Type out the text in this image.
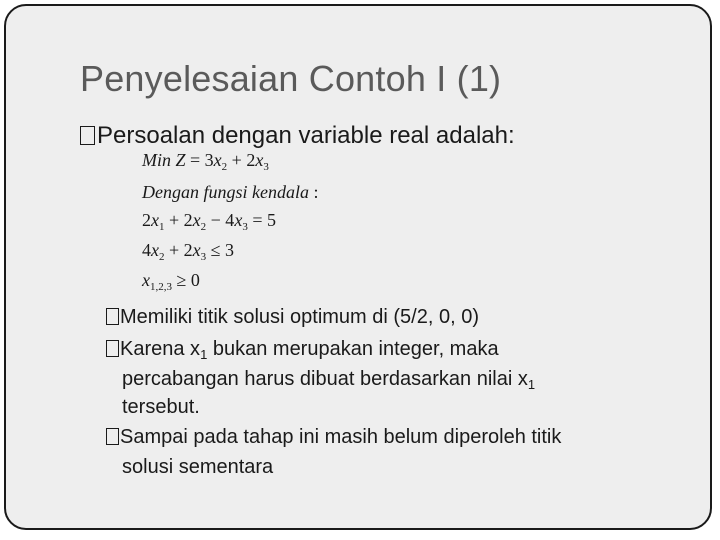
Penyelesaian Contoh I (1)
Persoalan dengan variable real adalah:
Min $Z = 3x_2 + 2x_3$
Dengan fungsi kendala :
$2x_1 + 2x_2 - 4x_3 = 5$
$4x_2 + 2x_3 \le 3$
$x_{1,2,3} \ge 0$
Memiliki titik solusi optimum di (5/2, 0, 0)
Karena $x_1$ bukan merupakan integer, maka
percabangan harus dibuat berdasarkan nilai $x_1$
tersebut.
Sampai pada tahap ini masih belum diperoleh titik
solusi sementara
